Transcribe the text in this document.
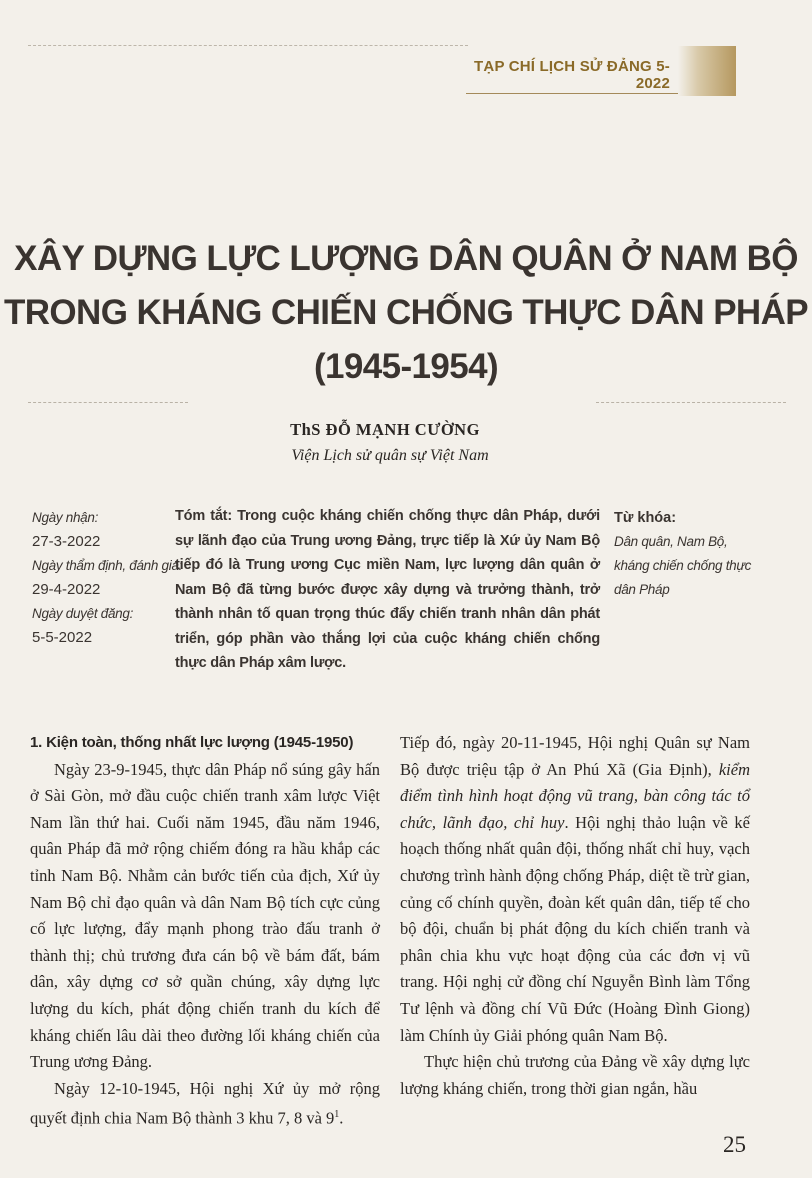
TẠP CHÍ LỊCH SỬ ĐẢNG 5-2022
XÂY DỰNG LỰC LƯỢNG DÂN QUÂN Ở NAM BỘ
TRONG KHÁNG CHIẾN CHỐNG THỰC DÂN PHÁP
(1945-1954)
ThS ĐỖ MẠNH CƯỜNG
Viện Lịch sử quân sự Việt Nam
Ngày nhận:
27-3-2022
Ngày thẩm định, đánh giá:
29-4-2022
Ngày duyệt đăng:
5-5-2022
Tóm tắt: Trong cuộc kháng chiến chống thực dân Pháp, dưới sự lãnh đạo của Trung ương Đảng, trực tiếp là Xứ ủy Nam Bộ tiếp đó là Trung ương Cục miền Nam, lực lượng dân quân ở Nam Bộ đã từng bước được xây dựng và trưởng thành, trở thành nhân tố quan trọng thúc đẩy chiến tranh nhân dân phát triển, góp phần vào thắng lợi của cuộc kháng chiến chống thực dân Pháp xâm lược.
Từ khóa:
Dân quân, Nam Bộ, kháng chiến chống thực dân Pháp

1. Kiện toàn, thống nhất lực lượng (1945-1950)

Ngày 23-9-1945, thực dân Pháp nổ súng gây hấn ở Sài Gòn, mở đầu cuộc chiến tranh xâm lược Việt Nam lần thứ hai. Cuối năm 1945, đầu năm 1946, quân Pháp đã mở rộng chiếm đóng ra hầu khắp các tỉnh Nam Bộ. Nhằm cản bước tiến của địch, Xứ ủy Nam Bộ chỉ đạo quân và dân Nam Bộ tích cực củng cố lực lượng, đẩy mạnh phong trào đấu tranh ở thành thị; chủ trương đưa cán bộ về bám đất, bám dân, xây dựng cơ sở quần chúng, xây dựng lực lượng du kích, phát động chiến tranh du kích để kháng chiến lâu dài theo đường lối kháng chiến của Trung ương Đảng.

Ngày 12-10-1945, Hội nghị Xứ ủy mở rộng quyết định chia Nam Bộ thành 3 khu 7, 8 và $9^1$.

Tiếp đó, ngày 20-11-1945, Hội nghị Quân sự Nam Bộ được triệu tập ở An Phú Xã (Gia Định), kiểm điểm tình hình hoạt động vũ trang, bàn công tác tổ chức, lãnh đạo, chỉ huy. Hội nghị thảo luận về kế hoạch thống nhất quân đội, thống nhất chỉ huy, vạch chương trình hành động chống Pháp, diệt tề trừ gian, củng cố chính quyền, đoàn kết quân dân, tiếp tế cho bộ đội, chuẩn bị phát động du kích chiến tranh và phân chia khu vực hoạt động của các đơn vị vũ trang. Hội nghị cử đồng chí Nguyễn Bình làm Tổng Tư lệnh và đồng chí Vũ Đức (Hoàng Đình Giong) làm Chính ủy Giải phóng quân Nam Bộ.

Thực hiện chủ trương của Đảng về xây dựng lực lượng kháng chiến, trong thời gian ngắn, hầu

25
